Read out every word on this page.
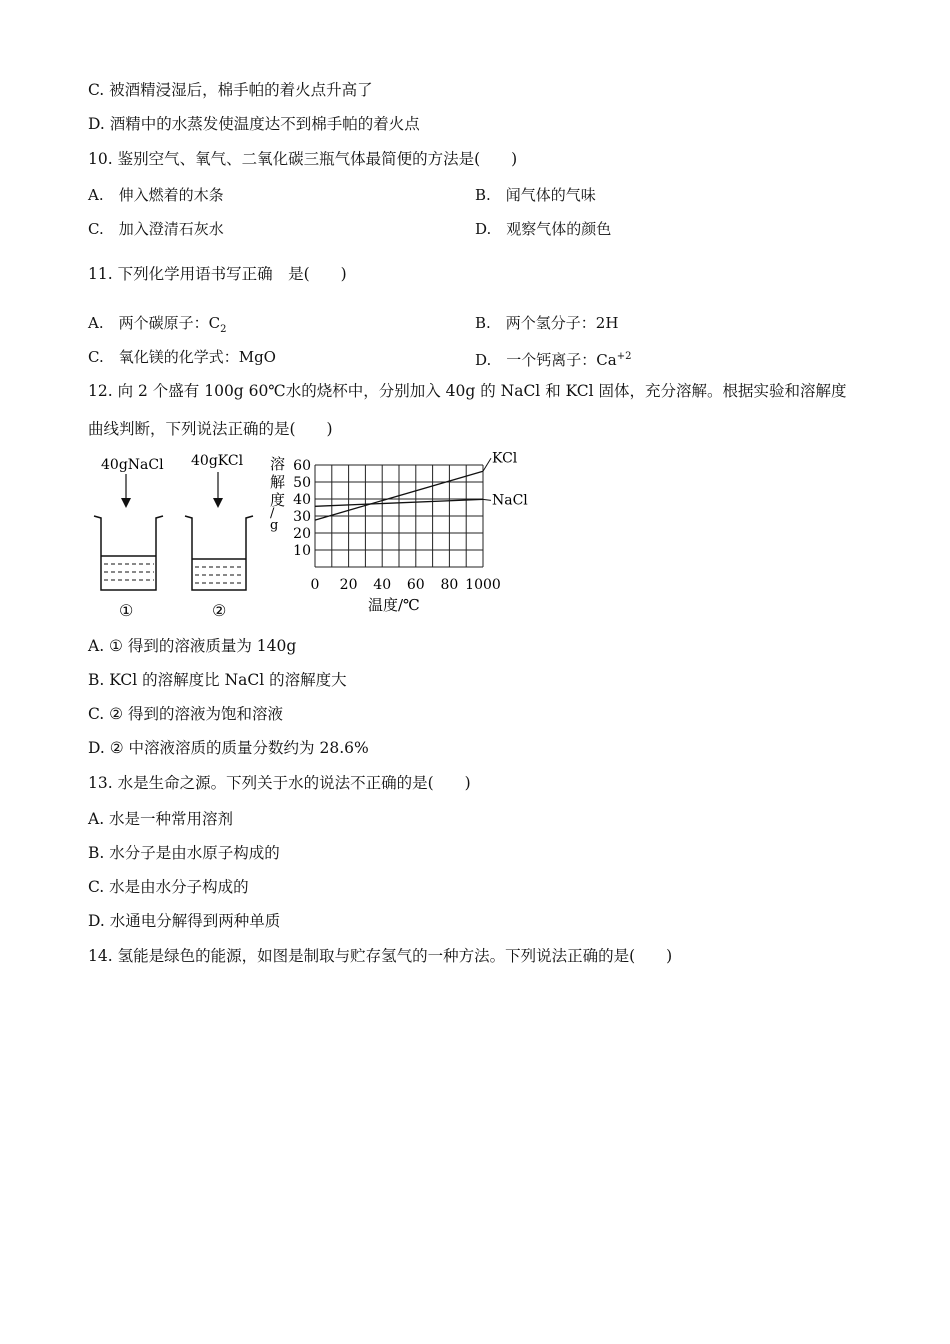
C. 被酒精浸湿后，棉手帕的着火点升高了
D. 酒精中的水蒸发使温度达不到棉手帕的着火点
10. 鉴别空气、氧气、二氧化碳三瓶气体最简便的方法是(　　)
A.　伸入燃着的木条	B.　闻气体的气味
C.　加入澄清石灰水	D.　观察气体的颜色
11. 下列化学用语书写正确　是(　　)
A.　两个碳原子：$C_2$	B.　两个氢分子：2H
C.　氧化镁的化学式：MgO	D.　一个钙离子：$Ca^{+2}$
12. 向 2 个盛有 100g 60℃水的烧杯中，分别加入 40g 的 NaCl 和 KCl 固体，充分溶解。根据实验和溶解度
曲线判断，下列说法正确的是(　　)
40gNaCl
①
40gKCl
②
溶
解
度
/
g
10
20
30
40
50
60
0 20 40 60 80 1000
KCl
NaCl
温度/℃
A. ① 得到的溶液质量为 140g
B. KCl 的溶解度比 NaCl 的溶解度大
C. ② 得到的溶液为饱和溶液
D. ② 中溶液溶质的质量分数约为 28.6%
13. 水是生命之源。下列关于水的说法不正确的是(　　)
A. 水是一种常用溶剂
B. 水分子是由水原子构成的
C. 水是由水分子构成的
D. 水通电分解得到两种单质
14. 氢能是绿色的能源，如图是制取与贮存氢气的一种方法。下列说法正确的是(　　)
